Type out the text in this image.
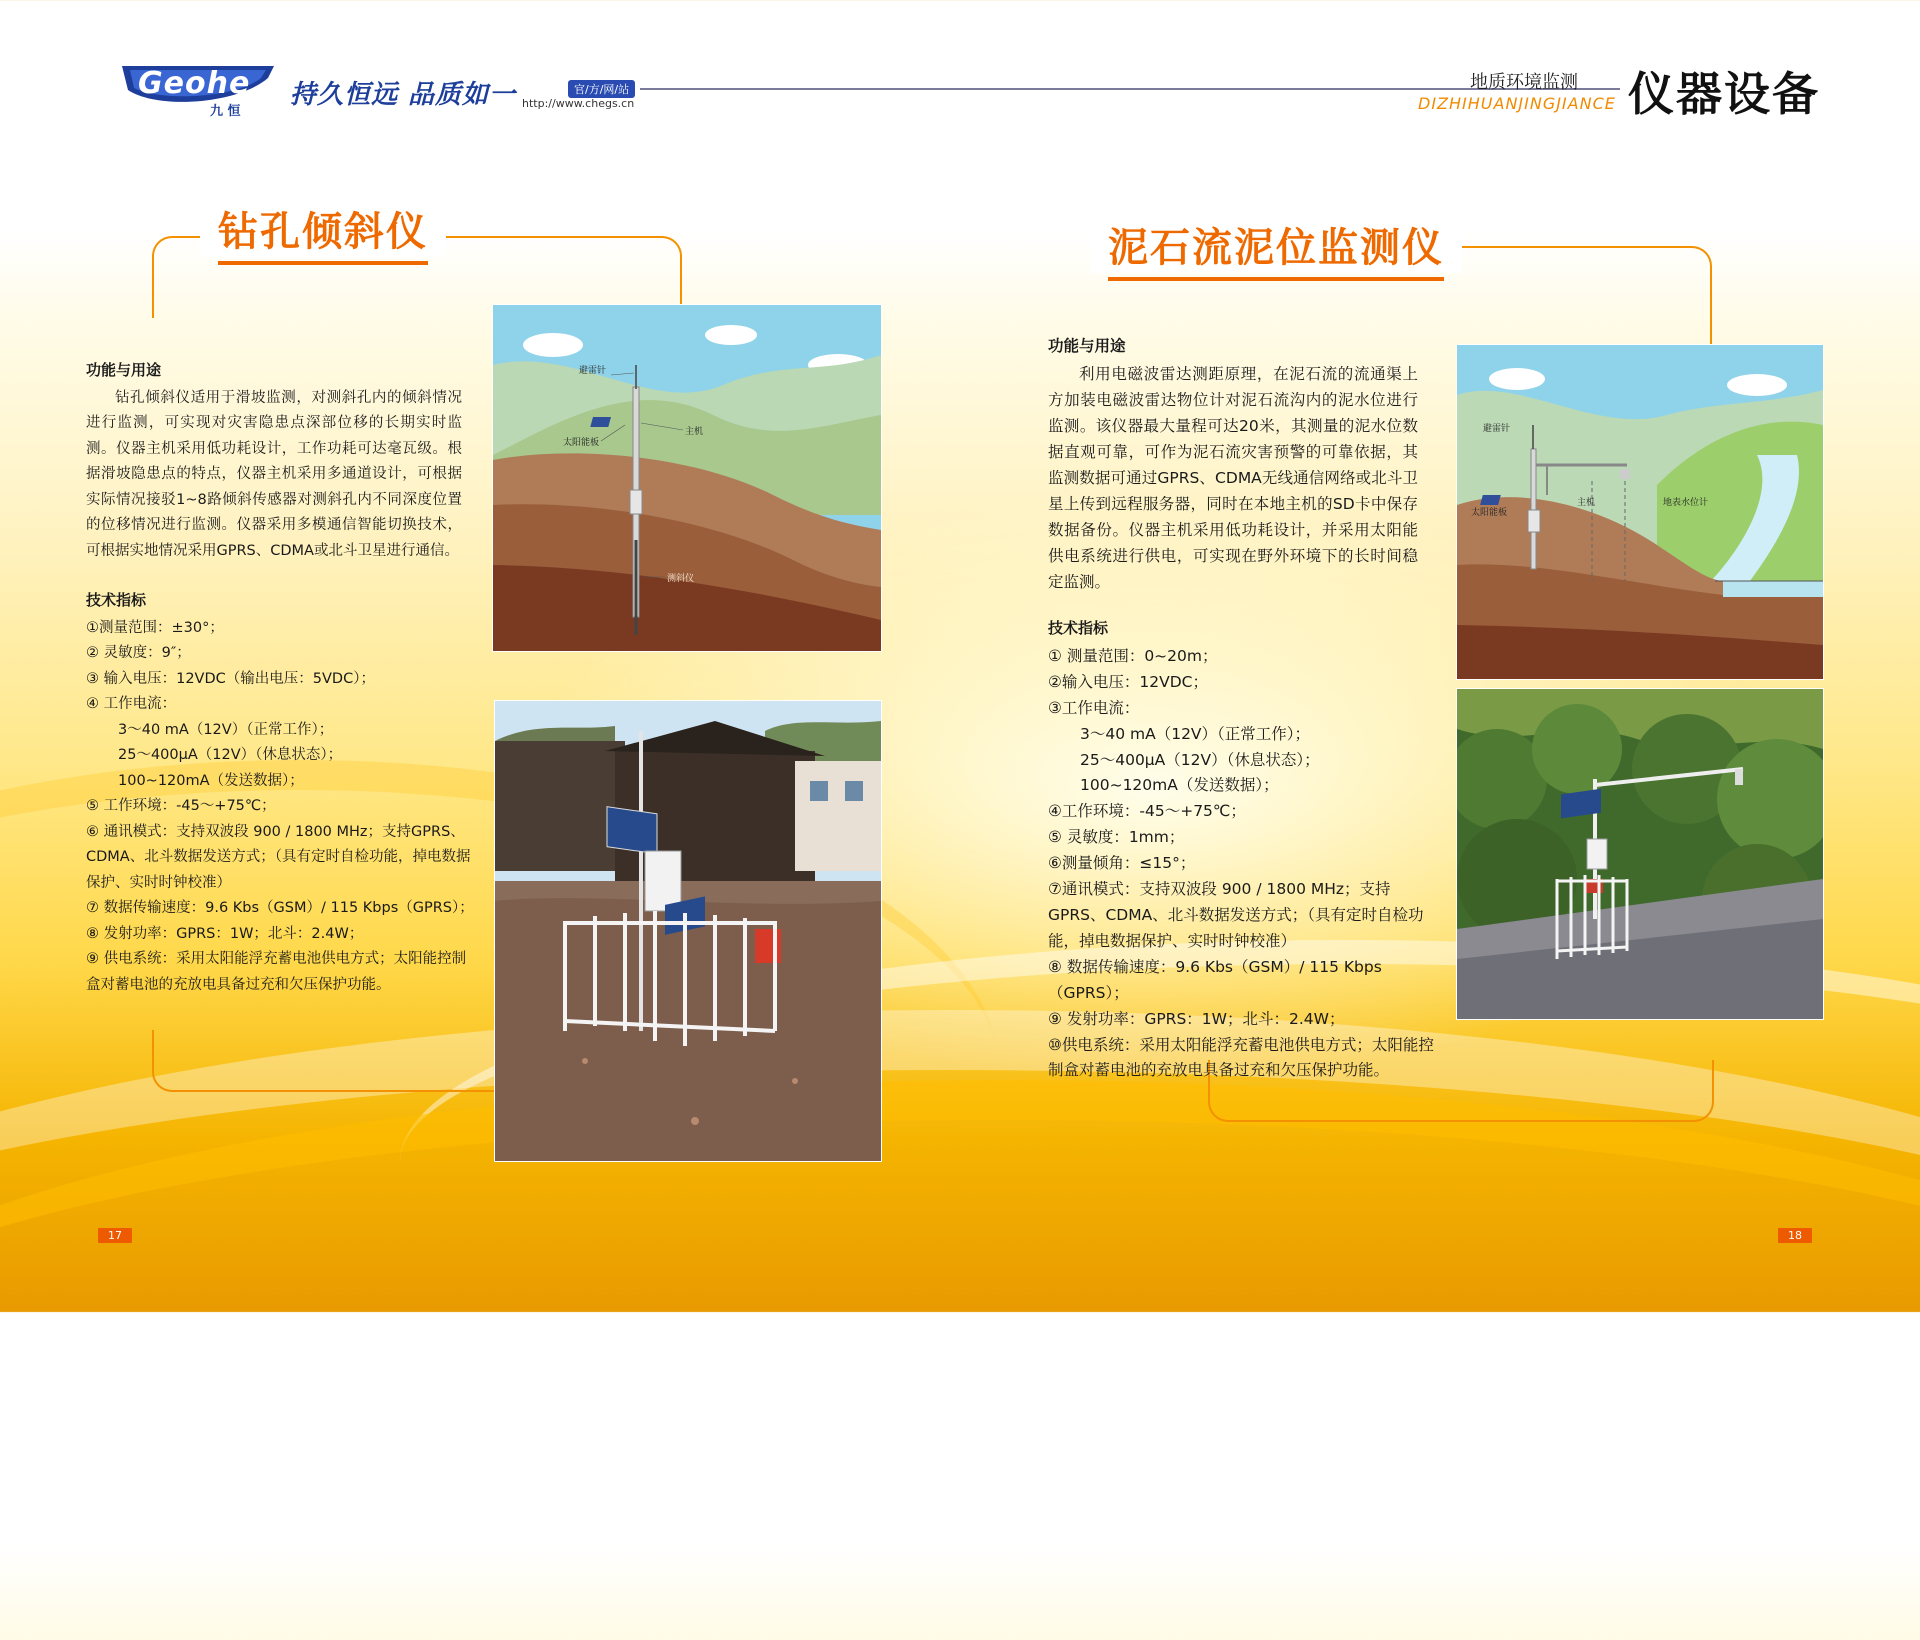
Geohe
九 恒
持久恒远 品质如一	官/方/网/站
http://www.chegs.cn
地质环境监测
DIZHIHUANJINGJIANCE 仪器设备
钻孔倾斜仪
功能与用途

钻孔倾斜仪适用于滑坡监测，对测斜孔内的倾斜情况进行监测，可实现对灾害隐患点深部位移的长期实时监测。仪器主机采用低功耗设计，工作功耗可达毫瓦级。根据滑坡隐患点的特点，仪器主机采用多通道设计，可根据实际情况接驳1~8路倾斜传感器对测斜孔内不同深度位置的位移情况进行监测。仪器采用多模通信智能切换技术，可根据实地情况采用GPRS、CDMA或北斗卫星进行通信。

技术指标
①测量范围：±30°；
② 灵敏度：9″；
③ 输入电压：12VDC（输出电压：5VDC）；
④ 工作电流：
3～40 mA（12V）（正常工作）；
25～400μA（12V）（休息状态）；
100~120mA（发送数据）；
⑤ 工作环境：-45～+75℃；
⑥ 通讯模式：支持双波段 900 / 1800 MHz；支持GPRS、CDMA、北斗数据发送方式；（具有定时自检功能，掉电数据保护、实时时钟校准）
⑦ 数据传输速度：9.6 Kbs（GSM）/ 115 Kbps（GPRS）；
⑧ 发射功率：GPRS：1W；北斗：2.4W；
⑨ 供电系统：采用太阳能浮充蓄电池供电方式；太阳能控制盒对蓄电池的充放电具备过充和欠压保护功能。
避雷针
主机
太阳能板
测斜仪
泥石流泥位监测仪
功能与用途

利用电磁波雷达测距原理，在泥石流的流通渠上方加装电磁波雷达物位计对泥石流沟内的泥水位进行监测。该仪器最大量程可达20米，其测量的泥水位数据直观可靠，可作为泥石流灾害预警的可靠依据，其监测数据可通过GPRS、CDMA无线通信网络或北斗卫星上传到远程服务器，同时在本地主机的SD卡中保存数据备份。仪器主机采用低功耗设计，并采用太阳能供电系统进行供电，可实现在野外环境下的长时间稳定监测。

技术指标
① 测量范围：0~20m；
②输入电压：12VDC；
③工作电流：
3～40 mA（12V）（正常工作）；
25～400μA（12V）（休息状态）；
100~120mA（发送数据）；
④工作环境：-45～+75℃；
⑤ 灵敏度：1mm；
⑥测量倾角：≤15°；
⑦通讯模式：支持双波段 900 / 1800 MHz；支持GPRS、CDMA、北斗数据发送方式；（具有定时自检功能，掉电数据保护、实时时钟校准）
⑧ 数据传输速度：9.6 Kbs（GSM）/ 115 Kbps（GPRS）；
⑨ 发射功率：GPRS：1W；北斗：2.4W；
⑩供电系统：采用太阳能浮充蓄电池供电方式；太阳能控制盒对蓄电池的充放电具备过充和欠压保护功能。
避雷针
主机
太阳能板
地表水位计
17	18
